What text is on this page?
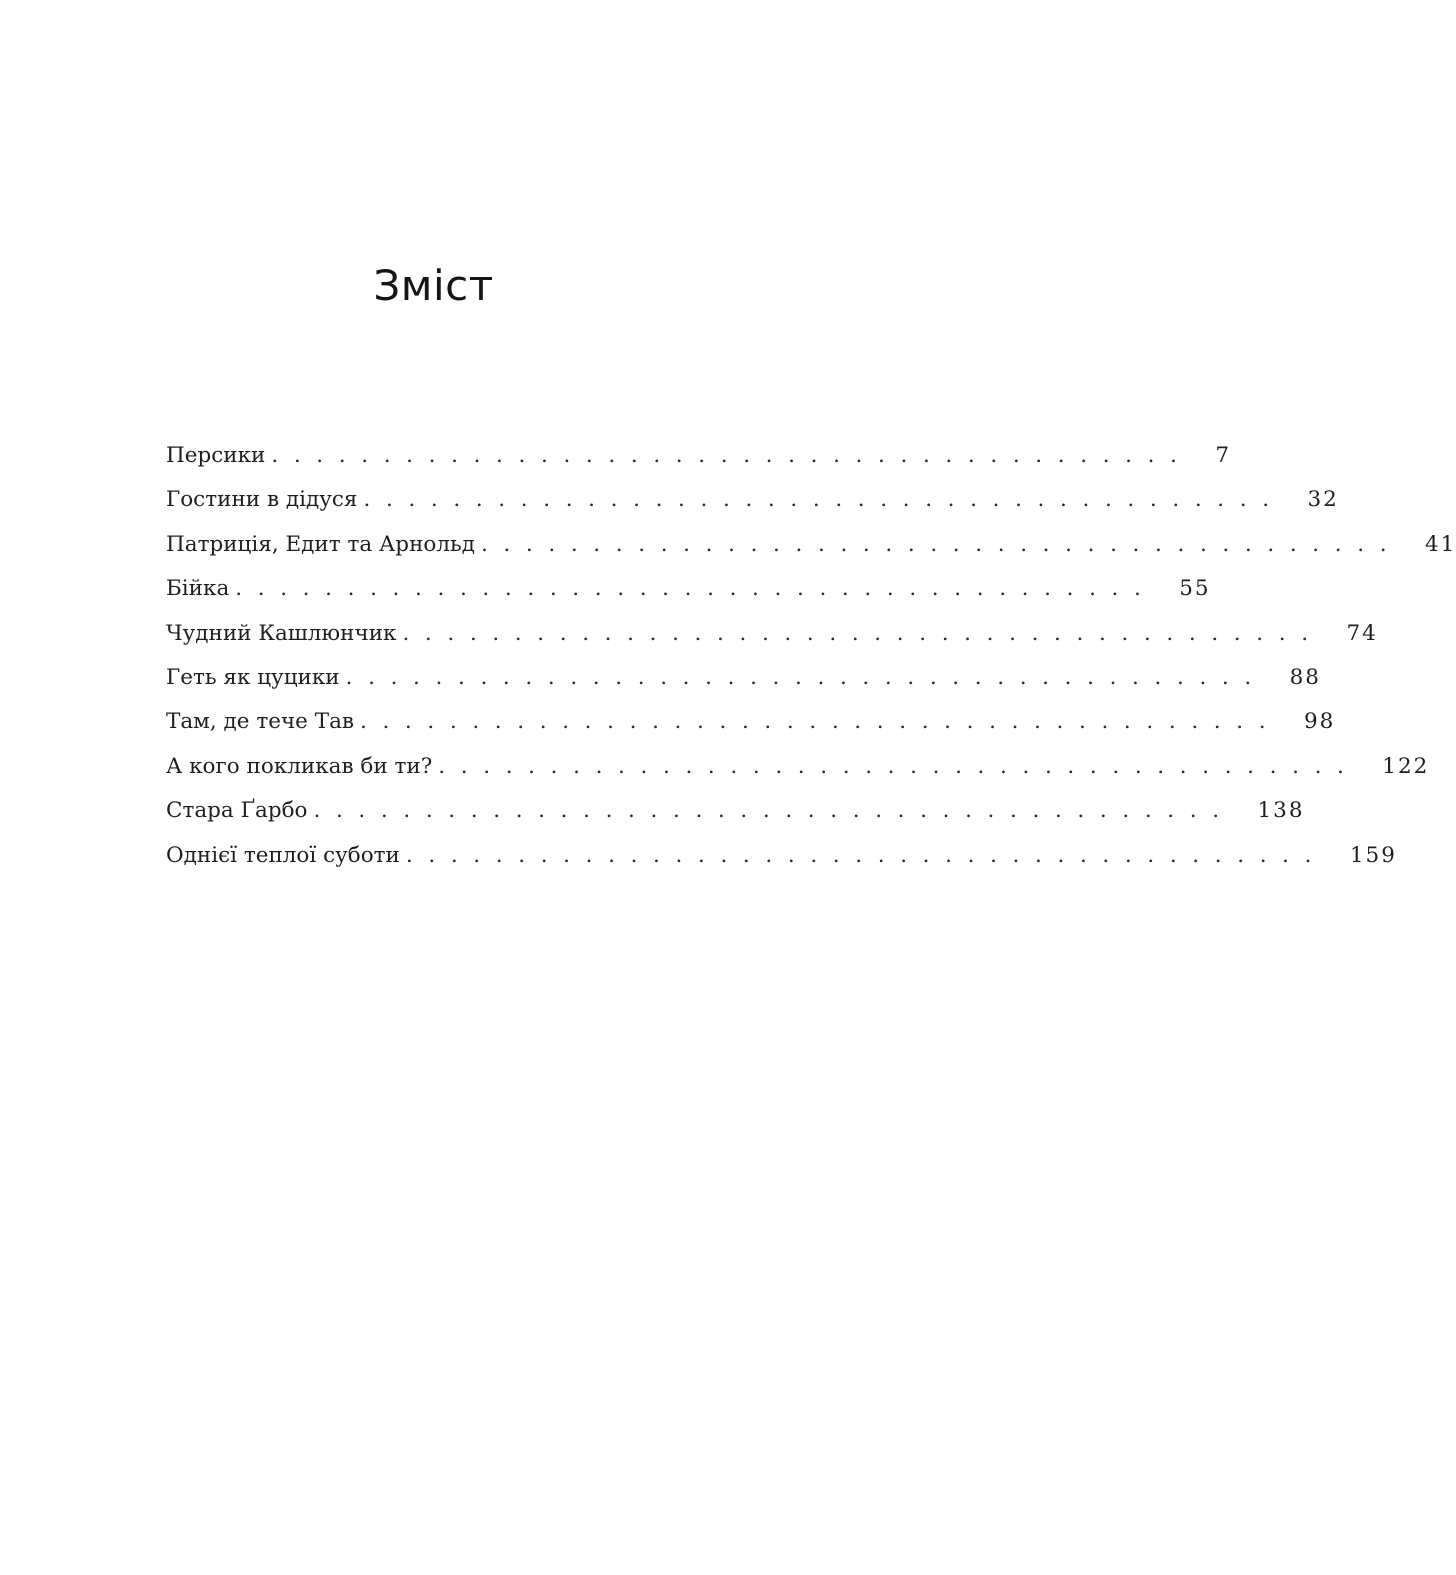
Зміст
Персики . . . . . . . . . . . . . . . . . . . . . . . . . . . . . . . . . . . . . . . . . 7
Гостини в дідуся . . . . . . . . . . . . . . . . . . . . . . . . . . . . . . . . . . . . . . . . . 32
Патриція, Едит та Арнольд . . . . . . . . . . . . . . . . . . . . . . . . . . . . . . . . . . . . . . . . . 41
Бійка . . . . . . . . . . . . . . . . . . . . . . . . . . . . . . . . . . . . . . . . . 55
Чудний Кашлюнчик . . . . . . . . . . . . . . . . . . . . . . . . . . . . . . . . . . . . . . . . . 74
Геть як цуцики . . . . . . . . . . . . . . . . . . . . . . . . . . . . . . . . . . . . . . . . . 88
Там, де тече Тав . . . . . . . . . . . . . . . . . . . . . . . . . . . . . . . . . . . . . . . . . 98
А кого покликав би ти? . . . . . . . . . . . . . . . . . . . . . . . . . . . . . . . . . . . . . . . . . 122
Стара Ґарбо . . . . . . . . . . . . . . . . . . . . . . . . . . . . . . . . . . . . . . . . . 138
Однієї теплої суботи . . . . . . . . . . . . . . . . . . . . . . . . . . . . . . . . . . . . . . . . . 159
